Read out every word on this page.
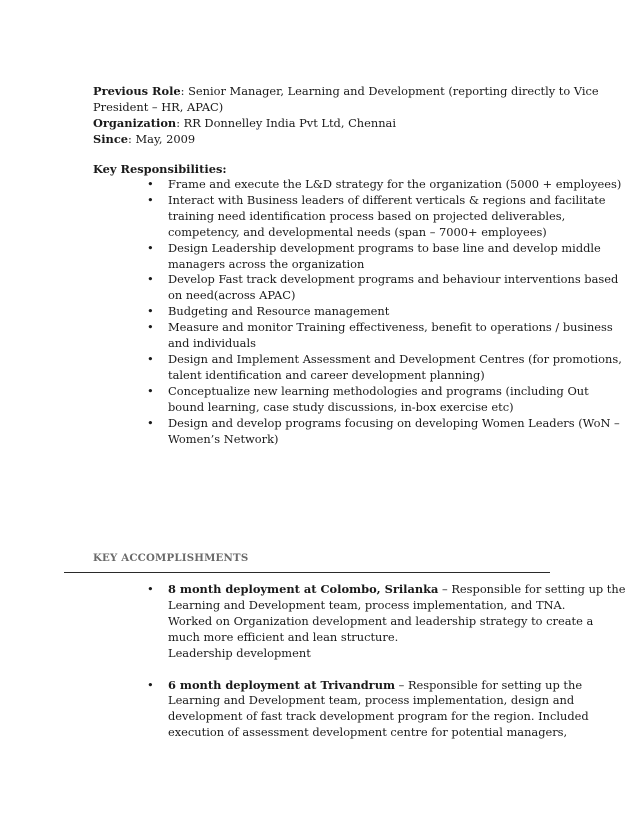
Previous Role: Senior Manager, Learning and Development (reporting directly to Vice
President – HR, APAC)
Organization: RR Donnelley India Pvt Ltd, Chennai
Since: May, 2009
Key Responsibilities:
• Frame and execute the L&D strategy for the organization (5000 + employees)
• Interact with Business leaders of different verticals & regions and facilitate
training need identification process based on projected deliverables,
competency, and developmental needs (span – 7000+ employees)
• Design Leadership development programs to base line and develop middle
managers across the organization
• Develop Fast track development programs and behaviour interventions based
on need(across APAC)
• Budgeting and Resource management
• Measure and monitor Training effectiveness, benefit to operations / business
and individuals
• Design and Implement Assessment and Development Centres (for promotions,
talent identification and career development planning)
• Conceptualize new learning methodologies and programs (including Out
bound learning, case study discussions, in-box exercise etc)
• Design and develop programs focusing on developing Women Leaders (WoN –
Women’s Network)
KEY ACCOMPLISHMENTS
• 8 month deployment at Colombo, Srilanka – Responsible for setting up the
Learning and Development team, process implementation, and TNA.
Worked on Organization development and leadership strategy to create a
much more efficient and lean structure.
Leadership development
• 6 month deployment at Trivandrum – Responsible for setting up the
Learning and Development team, process implementation, design and
development of fast track development program for the region. Included
execution of assessment development centre for potential managers,
